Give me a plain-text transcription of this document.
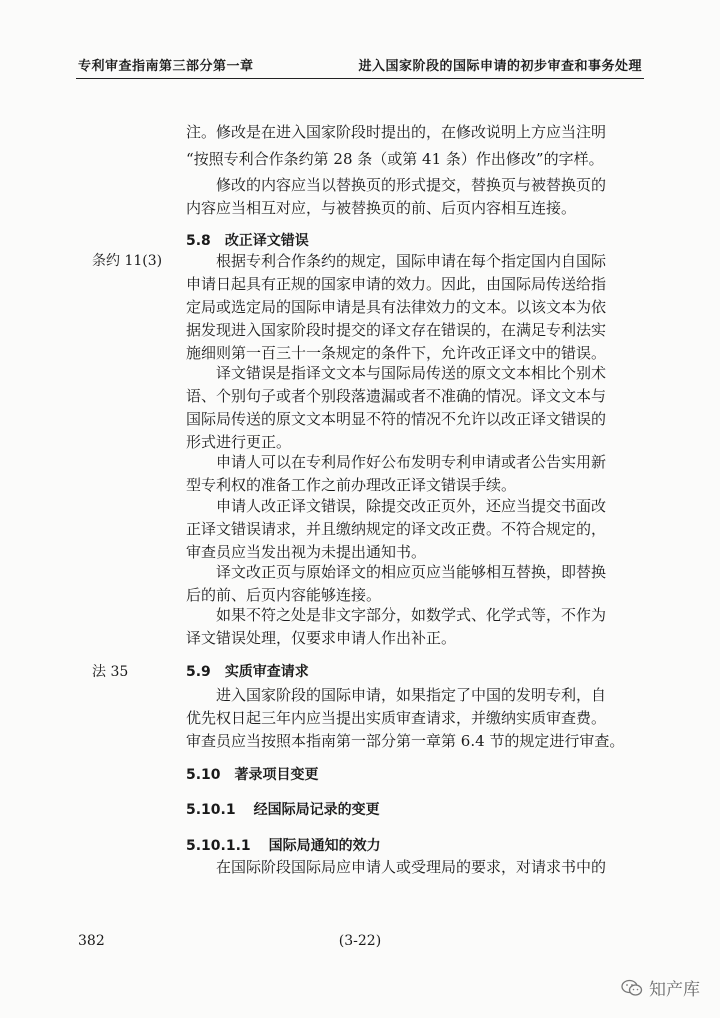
专利审查指南第三部分第一章	进入国家阶段的国际申请的初步审查和事务处理
注。修改是在进入国家阶段时提出的，在修改说明上方应当注明
“按照专利合作条约第 28 条（或第 41 条）作出修改”的字样。
修改的内容应当以替换页的形式提交，替换页与被替换页的
内容应当相互对应，与被替换页的前、后页内容相互连接。
5.8 改正译文错误
条约 11(3)	根据专利合作条约的规定，国际申请在每个指定国内自国际
申请日起具有正规的国家申请的效力。因此，由国际局传送给指
定局或选定局的国际申请是具有法律效力的文本。以该文本为依
据发现进入国家阶段时提交的译文存在错误的，在满足专利法实
施细则第一百三十一条规定的条件下，允许改正译文中的错误。
译文错误是指译文文本与国际局传送的原文文本相比个别术
语、个别句子或者个别段落遗漏或者不准确的情况。译文文本与
国际局传送的原文文本明显不符的情况不允许以改正译文错误的
形式进行更正。
申请人可以在专利局作好公布发明专利申请或者公告实用新
型专利权的准备工作之前办理改正译文错误手续。
申请人改正译文错误，除提交改正页外，还应当提交书面改
正译文错误请求，并且缴纳规定的译文改正费。不符合规定的，
审查员应当发出视为未提出通知书。
译文改正页与原始译文的相应页应当能够相互替换，即替换
后的前、后页内容能够连接。
如果不符之处是非文字部分，如数学式、化学式等，不作为
译文错误处理，仅要求申请人作出补正。
法 35	5.9 实质审查请求
进入国家阶段的国际申请，如果指定了中国的发明专利，自
优先权日起三年内应当提出实质审查请求，并缴纳实质审查费。
审查员应当按照本指南第一部分第一章第 6.4 节的规定进行审查。
5.10 著录项目变更
5.10.1 经国际局记录的变更
5.10.1.1 国际局通知的效力
在国际阶段国际局应申请人或受理局的要求，对请求书中的
382	(3-22)
知产库
